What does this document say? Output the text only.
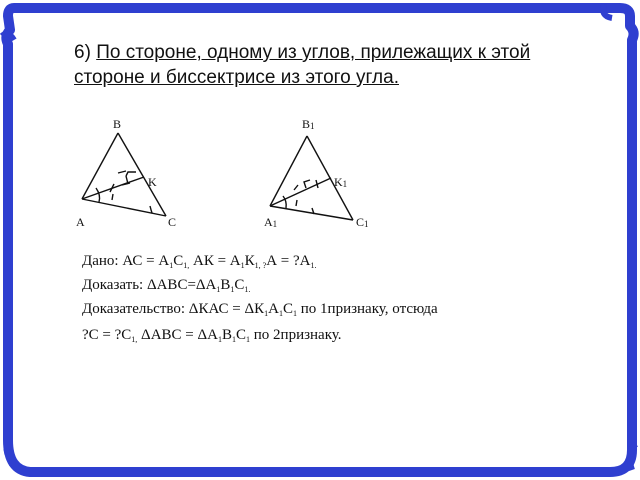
6) По стороне, одному из углов, прилежащих к этой
стороне и биссектрисе из этого угла.
B
K
A	C
B1
K1
A1	C1
Дано: АС = $А_1С_{1,}$ АК = $А_1К_{1, ?}А$ = $?А_{1.}$
Доказать: $\Delta АВС=\Delta А_1В_1С_{1.}$
Доказательство: $\Delta КАС = \Delta К_1А_1С_1$ по 1признаку, отсюда
?С = $?С_{1,}$ $\Delta АВС = \Delta А_1В_1С_1$ по 2признаку.
